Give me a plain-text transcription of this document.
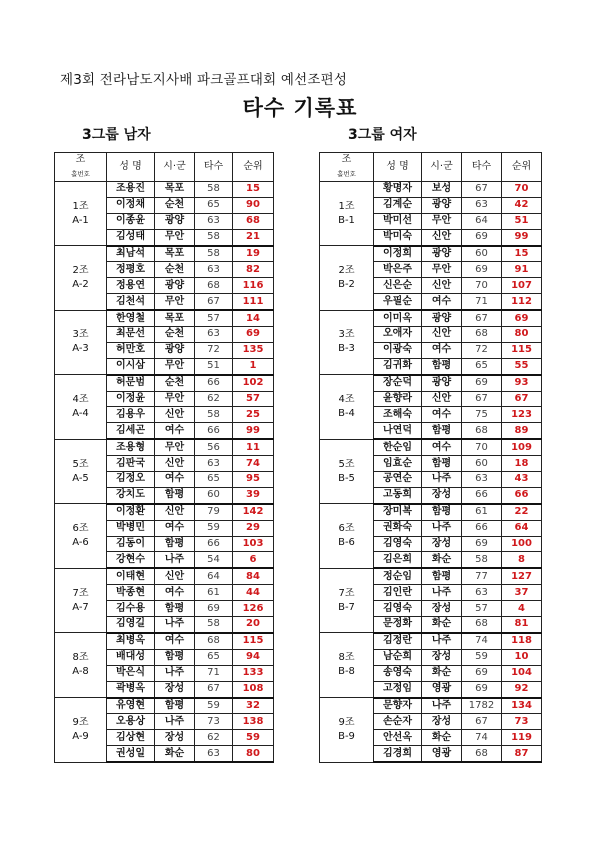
제3회 전라남도지사배 파크골프대회 예선조편성
타수 기록표
3그룹 남자	3그룹 여자
조
홀번호	성 명	시·군	타수	순위

1조
A-1	조용진	목포	58	15
	이정채	순천	65	90
	이종윤	광양	63	68
	김성태	무안	58	21

2조
A-2	최남석	목포	58	19
	정평호	순천	63	82
	정용연	광양	68	116
	김천석	무안	67	111

3조
A-3	한영철	목포	57	14
	최문선	순천	63	69
	허만호	광양	72	135
	이시삼	무안	51	1

4조
A-4	허문범	순천	66	102
	이정윤	무안	62	57
	김용우	신안	58	25
	김세곤	여수	66	99

5조
A-5	조용형	무안	56	11
	김판국	신안	63	74
	김정오	여수	65	95
	강치도	함평	60	39

6조
A-6	이정환	신안	79	142
	박병민	여수	59	29
	김동이	함평	66	103
	강현수	나주	54	6

7조
A-7	이태현	신안	64	84
	박종현	여수	61	44
	김수용	함평	69	126
	김영길	나주	58	20

8조
A-8	최병옥	여수	68	115
	배대성	함평	65	94
	박은식	나주	71	133
	곽병옥	장성	67	108

9조
A-9	유영현	함평	59	32
	오용상	나주	73	138
	김상현	장성	62	59
	권성일	화순	63	80
조
홀번호	성 명	시·군	타수	순위

1조
B-1	황명자	보성	67	70
	김계순	광양	63	42
	박미선	무안	64	51
	박미숙	신안	69	99

2조
B-2	이정희	광양	60	15
	박은주	무안	69	91
	신은순	신안	70	107
	우필순	여수	71	112

3조
B-3	이미옥	광양	67	69
	오애자	신안	68	80
	이광숙	여수	72	115
	김귀화	함평	65	55

4조
B-4	장순덕	광양	69	93
	윤향라	신안	67	67
	조해숙	여수	75	123
	나연덕	함평	68	89

5조
B-5	한순임	여수	70	109
	임효순	함평	60	18
	공연순	나주	63	43
	고동희	장성	66	66

6조
B-6	장미복	함평	61	22
	권화숙	나주	66	64
	김영숙	장성	69	100
	김은희	화순	58	8

7조
B-7	정순임	함평	77	127
	김인란	나주	63	37
	김영숙	장성	57	4
	문정화	화순	68	81

8조
B-8	김정란	나주	74	118
	남순희	장성	59	10
	송영숙	화순	69	104
	고정임	영광	69	92

9조
B-9	문향자	나주	1782	134
	손순자	장성	67	73
	안선옥	화순	74	119
	김경희	영광	68	87
